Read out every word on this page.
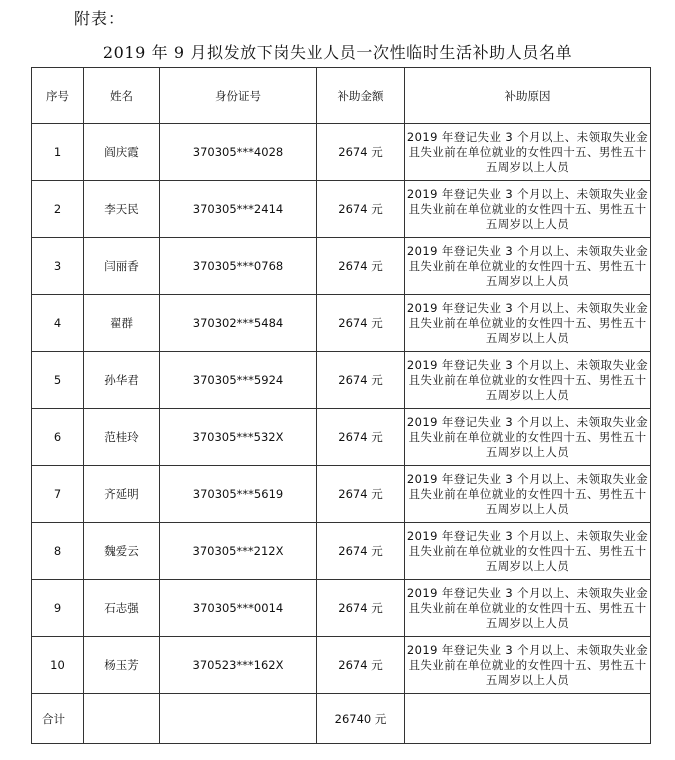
附表：
2019 年 9 月拟发放下岗失业人员一次性临时生活补助人员名单
序号	姓名	身份证号	补助金额	补助原因
1	阎庆霞	370305***4028	2674 元	2019 年登记失业 3 个月以上、未领取失业金且失业前在单位就业的女性四十五、男性五十五周岁以上人员
2	李天民	370305***2414	2674 元	2019 年登记失业 3 个月以上、未领取失业金且失业前在单位就业的女性四十五、男性五十五周岁以上人员
3	闫丽香	370305***0768	2674 元	2019 年登记失业 3 个月以上、未领取失业金且失业前在单位就业的女性四十五、男性五十五周岁以上人员
4	翟群	370302***5484	2674 元	2019 年登记失业 3 个月以上、未领取失业金且失业前在单位就业的女性四十五、男性五十五周岁以上人员
5	孙华君	370305***5924	2674 元	2019 年登记失业 3 个月以上、未领取失业金且失业前在单位就业的女性四十五、男性五十五周岁以上人员
6	范桂玲	370305***532X	2674 元	2019 年登记失业 3 个月以上、未领取失业金且失业前在单位就业的女性四十五、男性五十五周岁以上人员
7	齐延明	370305***5619	2674 元	2019 年登记失业 3 个月以上、未领取失业金且失业前在单位就业的女性四十五、男性五十五周岁以上人员
8	魏爱云	370305***212X	2674 元	2019 年登记失业 3 个月以上、未领取失业金且失业前在单位就业的女性四十五、男性五十五周岁以上人员
9	石志强	370305***0014	2674 元	2019 年登记失业 3 个月以上、未领取失业金且失业前在单位就业的女性四十五、男性五十五周岁以上人员
10	杨玉芳	370523***162X	2674 元	2019 年登记失业 3 个月以上、未领取失业金且失业前在单位就业的女性四十五、男性五十五周岁以上人员
合计			26740 元	
